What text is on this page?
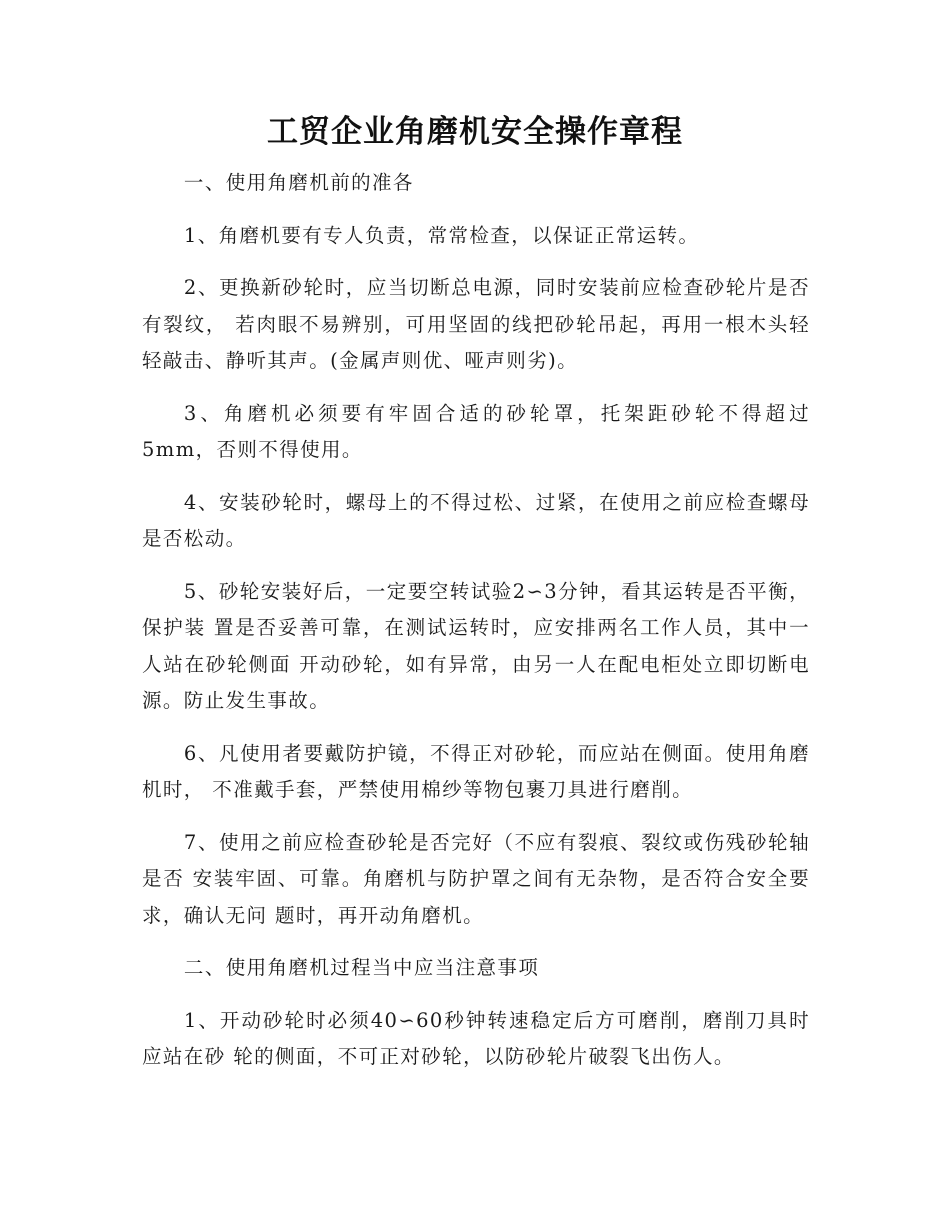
工贸企业角磨机安全操作章程

一、使用角磨机前的准各

1、角磨机要有专人负责，常常检查，以保证正常运转。

2、更换新砂轮时，应当切断总电源，同时安装前应检查砂轮片是否有裂纹， 若肉眼不易辨别，可用坚固的线把砂轮吊起，再用一根木头轻轻敲击、静听其声。(金属声则优、哑声则劣)。

3、角磨机必须要有牢固合适的砂轮罩，托架距砂轮不得超过 5mm，否则不得使用。

4、安装砂轮时，螺母上的不得过松、过紧，在使用之前应检查螺母是否松动。

5、砂轮安装好后，一定要空转试验2∽3分钟，看其运转是否平衡，保护装 置是否妥善可靠，在测试运转时，应安排两名工作人员，其中一人站在砂轮侧面 开动砂轮，如有异常，由另一人在配电柜处立即切断电源。防止发生事故。

6、凡使用者要戴防护镜，不得正对砂轮，而应站在侧面。使用角磨机时， 不准戴手套，严禁使用棉纱等物包裹刀具进行磨削。

7、使用之前应检查砂轮是否完好（不应有裂痕、裂纹或伤残砂轮轴是否 安装牢固、可靠。角磨机与防护罩之间有无杂物，是否符合安全要求，确认无问 题时，再开动角磨机。

二、使用角磨机过程当中应当注意事项

1、开动砂轮时必须40∽60秒钟转速稳定后方可磨削，磨削刀具时应站在砂 轮的侧面，不可正对砂轮，以防砂轮片破裂飞出伤人。
